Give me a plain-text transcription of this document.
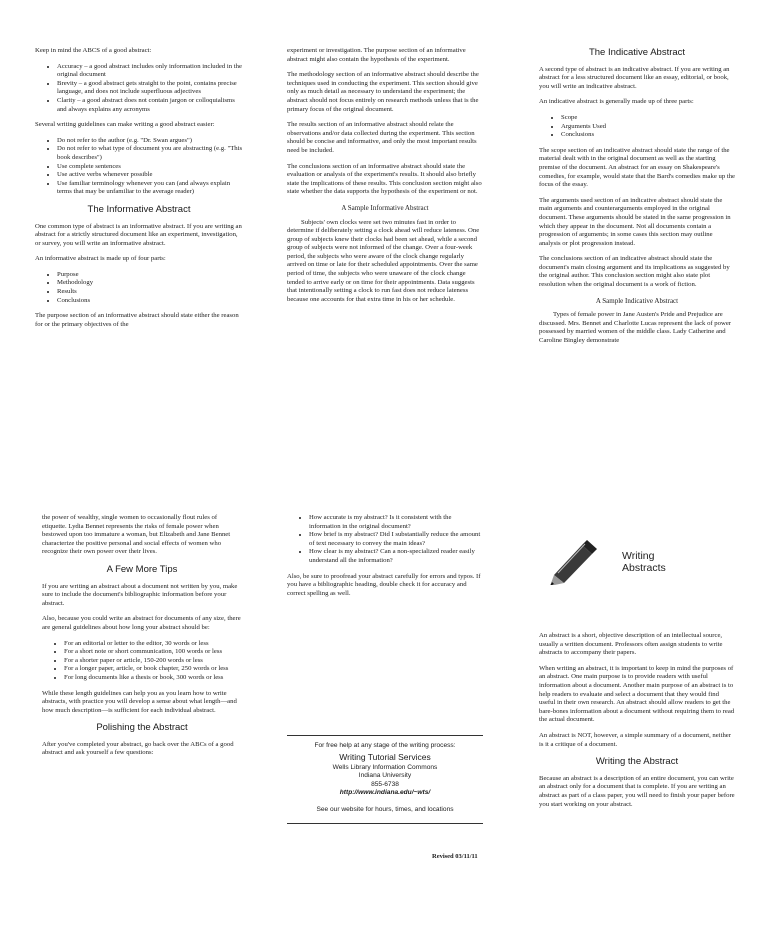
Keep in mind the ABCS of a good abstract:

• Accuracy – a good abstract includes only information included in the original document
• Brevity – a good abstract gets straight to the point, contains precise language, and does not include superfluous adjectives
• Clarity – a good abstract does not contain jargon or colloquialisms and always explains any acronyms

Several writing guidelines can make writing a good abstract easier:

• Do not refer to the author (e.g. "Dr. Swan argues")
• Do not refer to what type of document you are abstracting (e.g. "This book describes")
• Use complete sentences
• Use active verbs whenever possible
• Use familiar terminology whenever you can (and always explain terms that may be unfamiliar to the average reader)
The Informative Abstract

One common type of abstract is an informative abstract. If you are writing an abstract for a strictly structured document like an experiment, investigation, or survey, you will write an informative abstract.

An informative abstract is made up of four parts:

• Purpose
• Methodology
• Results
• Conclusions

The purpose section of an informative abstract should state either the reason for or the primary objectives of the

experiment or investigation. The purpose section of an informative abstract might also contain the hypothesis of the experiment.

The methodology section of an informative abstract should describe the techniques used in conducting the experiment. This section should give only as much detail as necessary to understand the experiment; the abstract should not focus entirely on research methods unless that is the primary focus of the original document.

The results section of an informative abstract should relate the observations and/or data collected during the experiment. This section should be concise and informative, and only the most important results need be included.

The conclusions section of an informative abstract should state the evaluation or analysis of the experiment's results. It should also briefly state the implications of these results. This conclusion section might also state whether the data supports the hypothesis of the experiment or not.

A Sample Informative Abstract

Subjects' own clocks were set two minutes fast in order to determine if deliberately setting a clock ahead will reduce lateness. One group of subjects knew their clocks had been set ahead, while a second group of subjects were not informed of the change. Over a four-week period, the subjects who were aware of the clock change regularly arrived on time or late for their scheduled appointments. Over the same period of time, the subjects who were unaware of the clock change tended to arrive early or on time for their appointments. Data suggests that intentionally setting a clock to run fast does not reduce lateness because one accounts for that extra time in his or her schedule.

The Indicative Abstract

A second type of abstract is an indicative abstract. If you are writing an abstract for a less structured document like an essay, editorial, or book, you will write an indicative abstract.

An indicative abstract is generally made up of three parts:

• Scope
• Arguments Used
• Conclusions

The scope section of an indicative abstract should state the range of the material dealt with in the original document as well as the starting premise of the document. An abstract for an essay on Shakespeare's comedies, for example, would state that the Bard's comedies make up the focus of the essay.

The arguments used section of an indicative abstract should state the main arguments and counterarguments employed in the original document. These arguments should be stated in the same progression in which they appear in the document. Not all documents contain a progression of arguments; in some cases this section may outline analysis or plot progression instead.

The conclusions section of an indicative abstract should state the document's main closing argument and its implications as suggested by the original author. This conclusion section might also state plot resolution when the original document is a work of fiction.

A Sample Indicative Abstract

Types of female power in Jane Austen's Pride and Prejudice are discussed. Mrs. Bennet and Charlotte Lucas represent the lack of power possessed by married women of the middle class. Lady Catherine and Caroline Bingley demonstrate

the power of wealthy, single women to occasionally flout rules of etiquette. Lydia Bennet represents the risks of female power when bestowed upon too immature a woman, but Elizabeth and Jane Bennet characterize the positive personal and social effects of women who recognize their own power over their lives.

A Few More Tips

If you are writing an abstract about a document not written by you, make sure to include the document's bibliographic information before your abstract.

Also, because you could write an abstract for documents of any size, there are general guidelines about how long your abstract should be:

• For an editorial or letter to the editor, 30 words or less
• For a short note or short communication, 100 words or less
• For a shorter paper or article, 150-200 words or less
• For a longer paper, article, or book chapter, 250 words or less
• For long documents like a thesis or book, 300 words or less

While these length guidelines can help you as you learn how to write abstracts, with practice you will develop a sense about what length—and how much description—is sufficient for each individual abstract.

Polishing the Abstract

After you've completed your abstract, go back over the ABCs of a good abstract and ask yourself a few questions:

• How accurate is my abstract? Is it consistent with the information in the original document?
• How brief is my abstract? Did I substantially reduce the amount of text necessary to convey the main ideas?
• How clear is my abstract? Can a non-specialized reader easily understand all the information?

Also, be sure to proofread your abstract carefully for errors and typos. If you have a bibliographic heading, double check it for accuracy and correct spelling as well.

For free help at any stage of the writing process:
Writing Tutorial Services
Wells Library Information Commons
Indiana University
855-6738
http://www.indiana.edu/~wts/
See our website for hours, times, and locations
Revised 03/11/11
Writing
Abstracts

An abstract is a short, objective description of an intellectual source, usually a written document. Professors often assign students to write abstracts to accompany their papers.

When writing an abstract, it is important to keep in mind the purposes of an abstract. One main purpose is to provide readers with useful information about a document. Another main purpose of an abstract is to help readers to evaluate and select a document that they would find useful in their own research. An abstract should allow readers to get the bare-bones information about a document without requiring them to read the actual document.

An abstract is NOT, however, a simple summary of a document, neither is it a critique of a document.

Writing the Abstract

Because an abstract is a description of an entire document, you can write an abstract only for a document that is complete. If you are writing an abstract as part of a class paper, you will need to finish your paper before you start working on your abstract.
